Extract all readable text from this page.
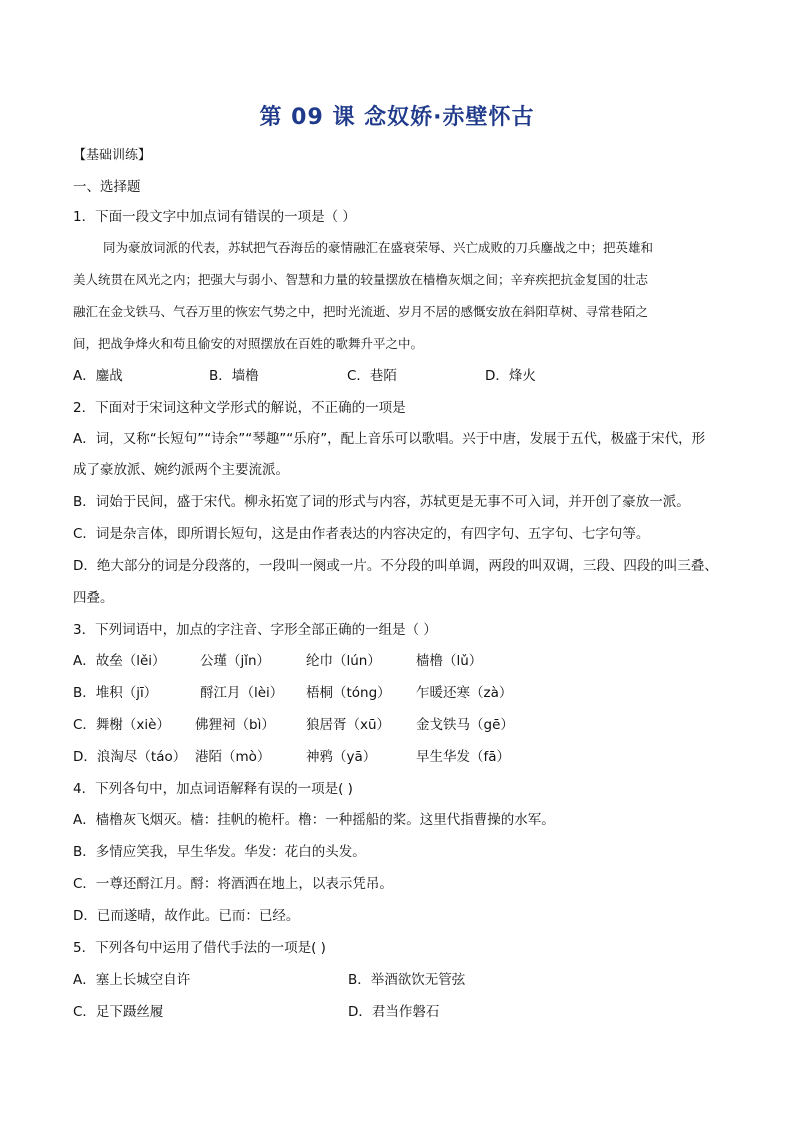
第 09 课 念奴娇·赤壁怀古
【基础训练】
一、选择题
1．下面一段文字中加点词有错误的一项是（ ）
同为豪放词派的代表，苏轼把气吞海岳的豪情融汇在盛衰荣辱、兴亡成败的刀兵鏖战之中；把英雄和
美人统贯在风光之内；把强大与弱小、智慧和力量的较量摆放在樯橹灰烟之间；辛弃疾把抗金复国的壮志
融汇在金戈铁马、气吞万里的恢宏气势之中，把时光流逝、岁月不居的感慨安放在斜阳草树、寻常巷陌之
间，把战争烽火和苟且偷安的对照摆放在百姓的歌舞升平之中。
A．鏖战	B．墙橹	C．巷陌	D．烽火
2．下面对于宋词这种文学形式的解说，不正确的一项是
A．词，又称“长短句”“诗余”“琴趣”“乐府”，配上音乐可以歌唱。兴于中唐，发展于五代，极盛于宋代，形
成了豪放派、婉约派两个主要流派。
B．词始于民间，盛于宋代。柳永拓宽了词的形式与内容，苏轼更是无事不可入词，并开创了豪放一派。
C．词是杂言体，即所谓长短句，这是由作者表达的内容决定的，有四字句、五字句、七字句等。
D．绝大部分的词是分段落的，一段叫一阕或一片。不分段的叫单调，两段的叫双调，三段、四段的叫三叠、
四叠。
3．下列词语中，加点的字注音、字形全部正确的一组是（ ）
A．故垒（lěi）	公瑾（jǐn）	纶巾（lún）	樯橹（lǔ）
B．堆积（jī）	酹江月（lèi） 梧桐（tóng） 乍暖还寒（zà）
C．舞榭（xiè） 佛狸祠（bì） 狼居胥（xū） 金戈铁马（gē）
D．浪淘尽（táo） 港陌（mò）	神鸦（yā）	早生华发（fā）
4．下列各句中，加点词语解释有误的一项是( )
A．樯橹灰飞烟灭。樯：挂帆的桅杆。橹：一种摇船的桨。这里代指曹操的水军。
B．多情应笑我，早生华发。华发：花白的头发。
C．一尊还酹江月。酹：将酒洒在地上，以表示凭吊。
D．已而遂晴，故作此。已而：已经。
5．下列各句中运用了借代手法的一项是( )
A．塞上长城空自许	B．举酒欲饮无管弦
C．足下蹑丝履	D．君当作磐石
